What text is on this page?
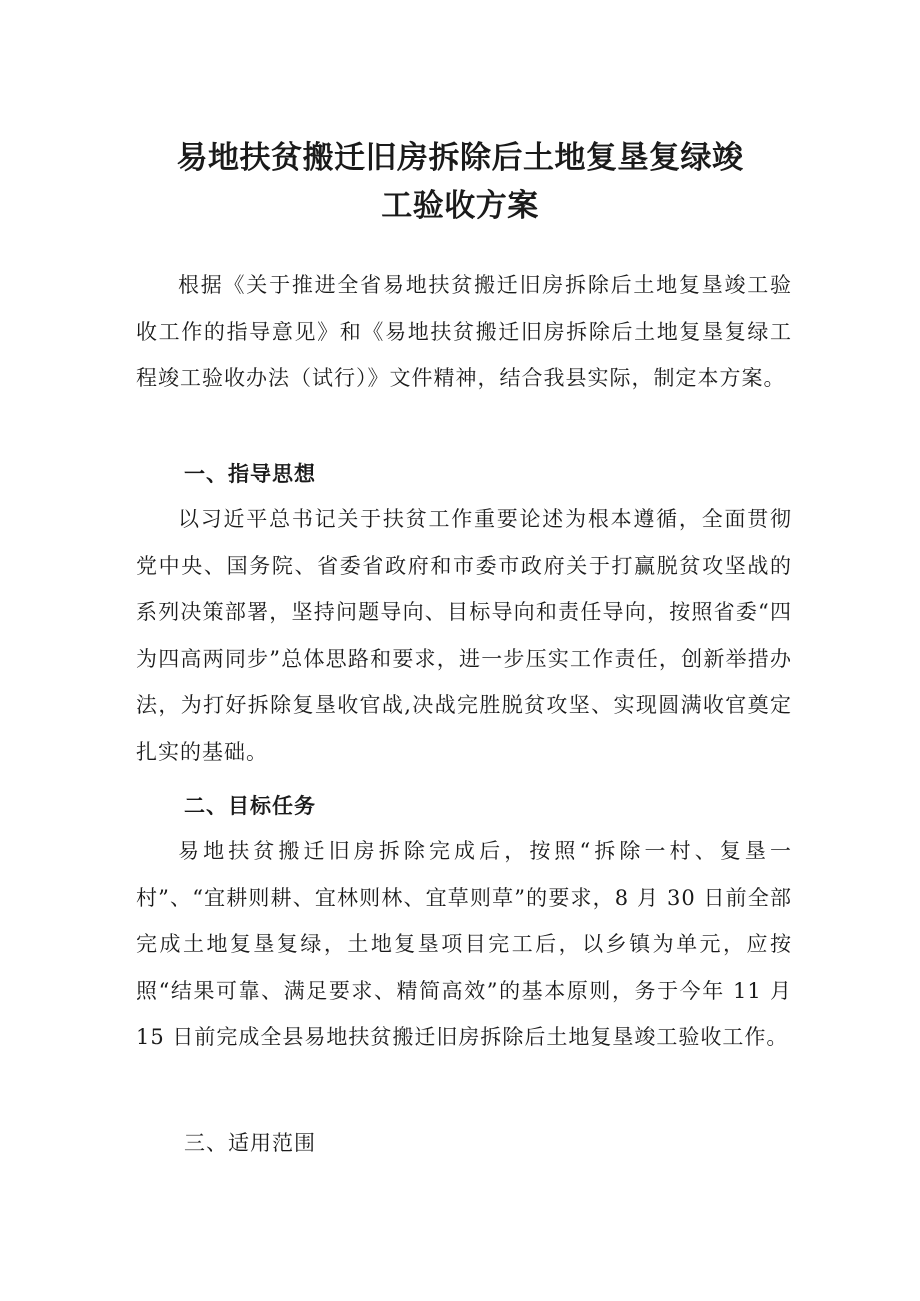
易地扶贫搬迁旧房拆除后土地复垦复绿竣
工验收方案

根据《关于推进全省易地扶贫搬迁旧房拆除后土地复垦竣工验收工作的指导意见》和《易地扶贫搬迁旧房拆除后土地复垦复绿工程竣工验收办法（试行）》文件精神，结合我县实际，制定本方案。

一、指导思想

以习近平总书记关于扶贫工作重要论述为根本遵循，全面贯彻党中央、国务院、省委省政府和市委市政府关于打赢脱贫攻坚战的系列决策部署，坚持问题导向、目标导向和责任导向，按照省委“四为四高两同步”总体思路和要求，进一步压实工作责任，创新举措办法，为打好拆除复垦收官战,决战完胜脱贫攻坚、实现圆满收官奠定扎实的基础。

二、目标任务

易地扶贫搬迁旧房拆除完成后，按照“拆除一村、复垦一村”、“宜耕则耕、宜林则林、宜草则草”的要求，8 月 30 日前全部完成土地复垦复绿，土地复垦项目完工后，以乡镇为单元，应按照“结果可靠、满足要求、精简高效”的基本原则，务于今年 11 月 15 日前完成全县易地扶贫搬迁旧房拆除后土地复垦竣工验收工作。

三、适用范围
